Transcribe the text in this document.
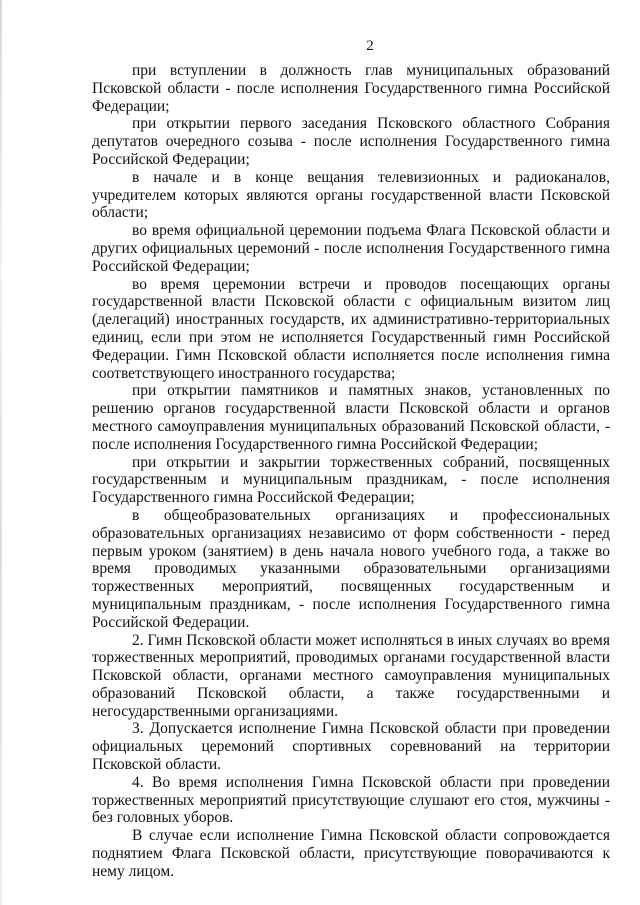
2

при вступлении в должность глав муниципальных образований Псковской области - после исполнения Государственного гимна Российской Федерации;

при открытии первого заседания Псковского областного Собрания депутатов очередного созыва - после исполнения Государственного гимна Российской Федерации;

в начале и в конце вещания телевизионных и радиоканалов, учредителем которых являются органы государственной власти Псковской области;

во время официальной церемонии подъема Флага Псковской области и других официальных церемоний - после исполнения Государственного гимна Российской Федерации;

во время церемонии встречи и проводов посещающих органы государственной власти Псковской области с официальным визитом лиц (делегаций) иностранных государств, их административно-территориальных единиц, если при этом не исполняется Государственный гимн Российской Федерации. Гимн Псковской области исполняется после исполнения гимна соответствующего иностранного государства;

при открытии памятников и памятных знаков, установленных по решению органов государственной власти Псковской области и органов местного самоуправления муниципальных образований Псковской области, - после исполнения Государственного гимна Российской Федерации;

при открытии и закрытии торжественных собраний, посвященных государственным и муниципальным праздникам, - после исполнения Государственного гимна Российской Федерации;

в общеобразовательных организациях и профессиональных образовательных организациях независимо от форм собственности - перед первым уроком (занятием) в день начала нового учебного года, а также во время проводимых указанными образовательными организациями торжественных мероприятий, посвященных государственным и муниципальным праздникам, - после исполнения Государственного гимна Российской Федерации.

2. Гимн Псковской области может исполняться в иных случаях во время торжественных мероприятий, проводимых органами государственной власти Псковской области, органами местного самоуправления муниципальных образований Псковской области, а также государственными и негосударственными организациями.

3. Допускается исполнение Гимна Псковской области при проведении официальных церемоний спортивных соревнований на территории Псковской области.

4. Во время исполнения Гимна Псковской области при проведении торжественных мероприятий присутствующие слушают его стоя, мужчины - без головных уборов.

В случае если исполнение Гимна Псковской области сопровождается поднятием Флага Псковской области, присутствующие поворачиваются к нему лицом.
